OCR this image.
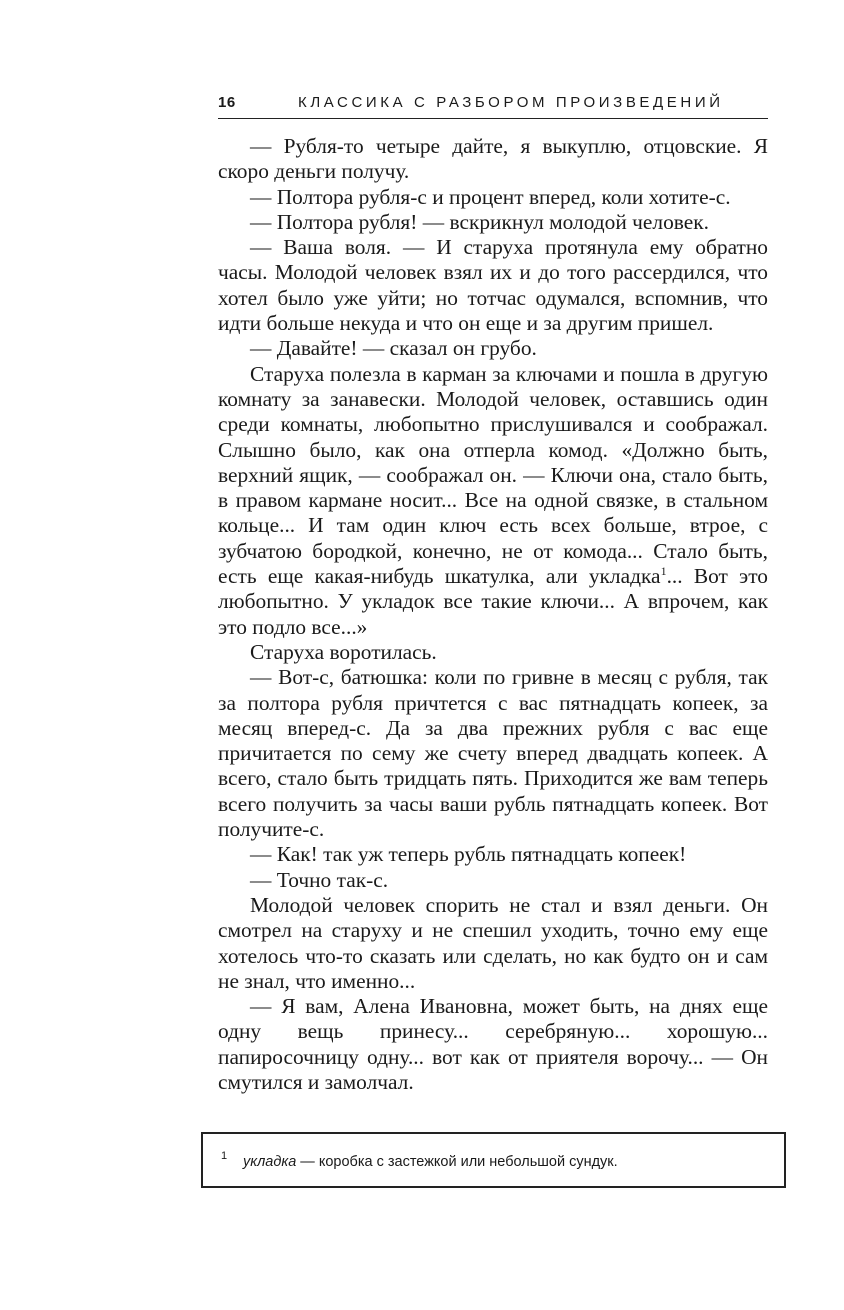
16	КЛАССИКА С РАЗБОРОМ ПРОИЗВЕДЕНИЙ

— Рубля-то четыре дайте, я выкуплю, отцовские. Я скоро деньги получу.

— Полтора рубля-с и процент вперед, коли хотите-с.

— Полтора рубля! — вскрикнул молодой человек.

— Ваша воля. — И старуха протянула ему обратно часы. Молодой человек взял их и до того рассердился, что хотел было уже уйти; но тотчас одумался, вспомнив, что идти больше некуда и что он еще и за другим пришел.

— Давайте! — сказал он грубо.

Старуха полезла в карман за ключами и пошла в другую комнату за занавески. Молодой человек, оставшись один среди комнаты, любопытно прислушивался и соображал. Слышно было, как она отперла комод. «Должно быть, верхний ящик, — соображал он. — Ключи она, стало быть, в правом кармане носит... Все на одной связке, в стальном кольце... И там один ключ есть всех больше, втрое, с зубчатою бородкой, конечно, не от комода... Стало быть, есть еще какая-нибудь шкатулка, али укладка$^1$... Вот это любопытно. У укладок все такие ключи... А впрочем, как это подло все...»

Старуха воротилась.

— Вот-с, батюшка: коли по гривне в месяц с рубля, так за полтора рубля причтется с вас пятнадцать копеек, за месяц вперед-с. Да за два прежних рубля с вас еще причитается по сему же счету вперед двадцать копеек. А всего, стало быть тридцать пять. Приходится же вам теперь всего получить за часы ваши рубль пятнадцать копеек. Вот получите-с.

— Как! так уж теперь рубль пятнадцать копеек!

— Точно так-с.

Молодой человек спорить не стал и взял деньги. Он смотрел на старуху и не спешил уходить, точно ему еще хотелось что-то сказать или сделать, но как будто он и сам не знал, что именно...

— Я вам, Алена Ивановна, может быть, на днях еще одну вещь принесу... серебряную... хорошую... папиросочницу одну... вот как от приятеля ворочу... — Он смутился и замолчал.

1 укладка — коробка с застежкой или небольшой сундук.
